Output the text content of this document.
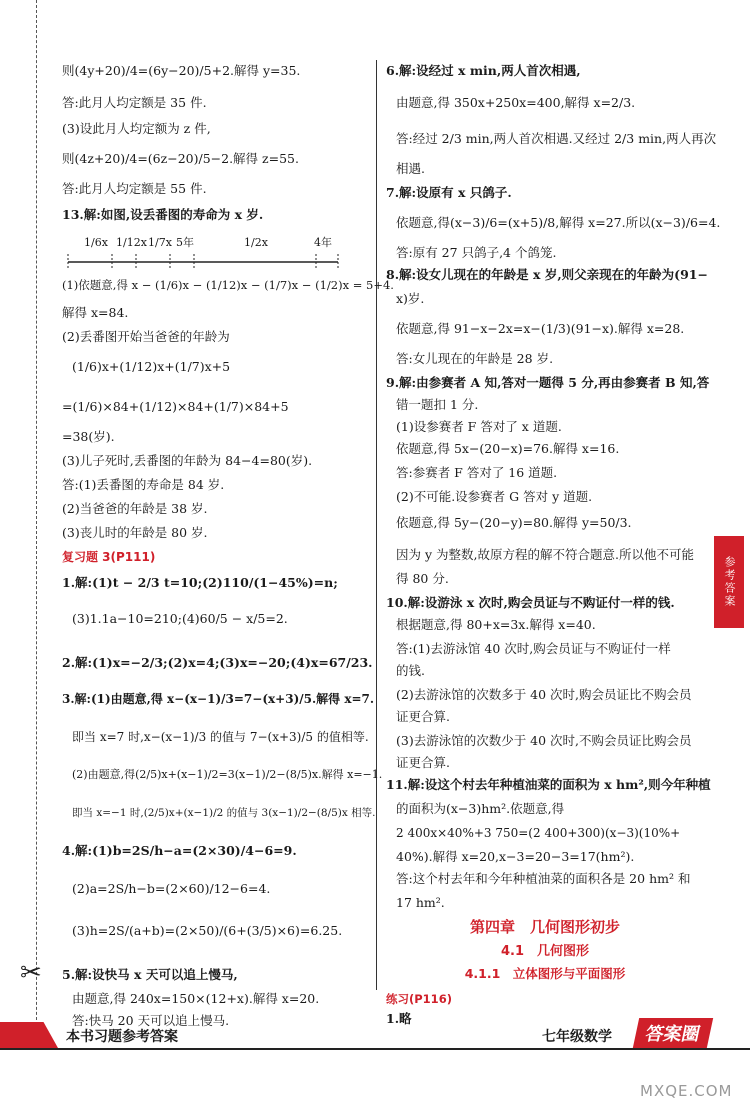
✂
则(4y+20)/4=(6y−20)/5+2.解得 y=35.
答:此月人均定额是 35 件.
(3)设此月人均定额为 z 件,
则(4z+20)/4=(6z−20)/5−2.解得 z=55.
答:此月人均定额是 55 件.
13.解:如图,设丢番图的寿命为 x 岁.
1/6x 1/12x 1/7x 5年	1/2x	4年
(1)依题意,得 x − (1/6)x − (1/12)x − (1/7)x − (1/2)x = 5+4.
解得 x=84.
(2)丢番图开始当爸爸的年龄为
(1/6)x+(1/12)x+(1/7)x+5
=(1/6)×84+(1/12)×84+(1/7)×84+5
=38(岁).
(3)儿子死时,丢番图的年龄为 84−4=80(岁).
答:(1)丢番图的寿命是 84 岁.
(2)当爸爸的年龄是 38 岁.
(3)丧儿时的年龄是 80 岁.
复习题 3(P111)
1.解:(1)t − 2/3 t=10;(2)110/(1−45%)=n;
(3)1.1a−10=210;(4)60/5 − x/5=2.
2.解:(1)x=−2/3;(2)x=4;(3)x=−20;(4)x=67/23.
3.解:(1)由题意,得 x−(x−1)/3=7−(x+3)/5.解得 x=7.
即当 x=7 时,x−(x−1)/3 的值与 7−(x+3)/5 的值相等.
(2)由题意,得(2/5)x+(x−1)/2=3(x−1)/2−(8/5)x.解得 x=−1.
即当 x=−1 时,(2/5)x+(x−1)/2 的值与 3(x−1)/2−(8/5)x 相等.
4.解:(1)b=2S/h−a=(2×30)/4−6=9.
(2)a=2S/h−b=(2×60)/12−6=4.
(3)h=2S/(a+b)=(2×50)/(6+(3/5)×6)=6.25.
5.解:设快马 x 天可以追上慢马,
由题意,得 240x=150×(12+x).解得 x=20.
答:快马 20 天可以追上慢马.
6.解:设经过 x min,两人首次相遇,
由题意,得 350x+250x=400,解得 x=2/3.
答:经过 2/3 min,两人首次相遇.又经过 2/3 min,两人再次
相遇.
7.解:设原有 x 只鸽子.
依题意,得(x−3)/6=(x+5)/8,解得 x=27.所以(x−3)/6=4.
答:原有 27 只鸽子,4 个鸽笼.
8.解:设女儿现在的年龄是 x 岁,则父亲现在的年龄为(91−
x)岁.
依题意,得 91−x−2x=x−(1/3)(91−x).解得 x=28.
答:女儿现在的年龄是 28 岁.
9.解:由参赛者 A 知,答对一题得 5 分,再由参赛者 B 知,答
错一题扣 1 分.
(1)设参赛者 F 答对了 x 道题.
依题意,得 5x−(20−x)=76.解得 x=16.
答:参赛者 F 答对了 16 道题.
(2)不可能.设参赛者 G 答对 y 道题.
依题意,得 5y−(20−y)=80.解得 y=50/3.
因为 y 为整数,故原方程的解不符合题意.所以他不可能
得 80 分.
10.解:设游泳 x 次时,购会员证与不购证付一样的钱.
根据题意,得 80+x=3x.解得 x=40.
答:(1)去游泳馆 40 次时,购会员证与不购证付一样
的钱.
(2)去游泳馆的次数多于 40 次时,购会员证比不购会员
证更合算.
(3)去游泳馆的次数少于 40 次时,不购会员证比购会员
证更合算.
11.解:设这个村去年种植油菜的面积为 x hm²,则今年种植
的面积为(x−3)hm².依题意,得
2 400x×40%+3 750=(2 400+300)(x−3)(10%+
40%).解得 x=20,x−3=20−3=17(hm²).
答:这个村去年和今年种植油菜的面积各是 20 hm² 和
17 hm².
第四章　几何图形初步
4.1　几何图形
4.1.1　立体图形与平面图形
练习(P116)
1.略
参考答案
本书习题参考答案	七年级数学 答案圈
MXQE.COM
